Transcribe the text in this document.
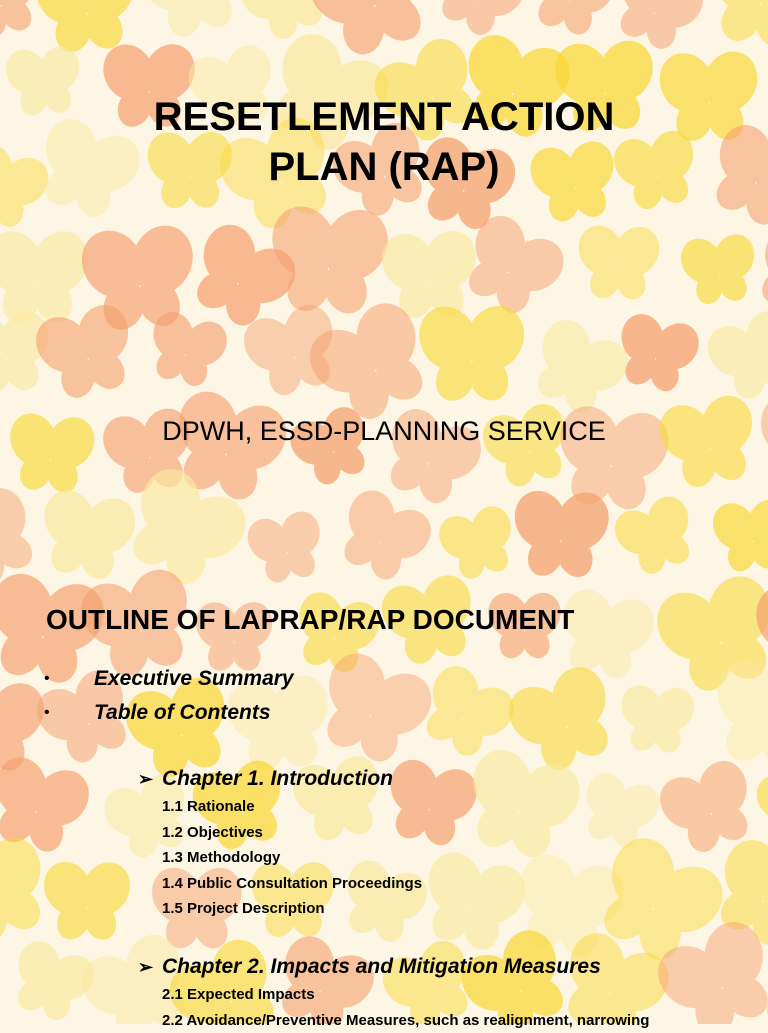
RESETLEMENT ACTION
PLAN (RAP)
DPWH, ESSD-PLANNING SERVICE
OUTLINE OF LAPRAP/RAP DOCUMENT
•	Executive Summary
•	Table of Contents
➢ Chapter 1. Introduction
1.1 Rationale
1.2 Objectives
1.3 Methodology
1.4 Public Consultation Proceedings
1.5 Project Description
➢ Chapter 2. Impacts and Mitigation Measures
2.1 Expected Impacts
2.2 Avoidance/Preventive Measures, such as realignment, narrowing
